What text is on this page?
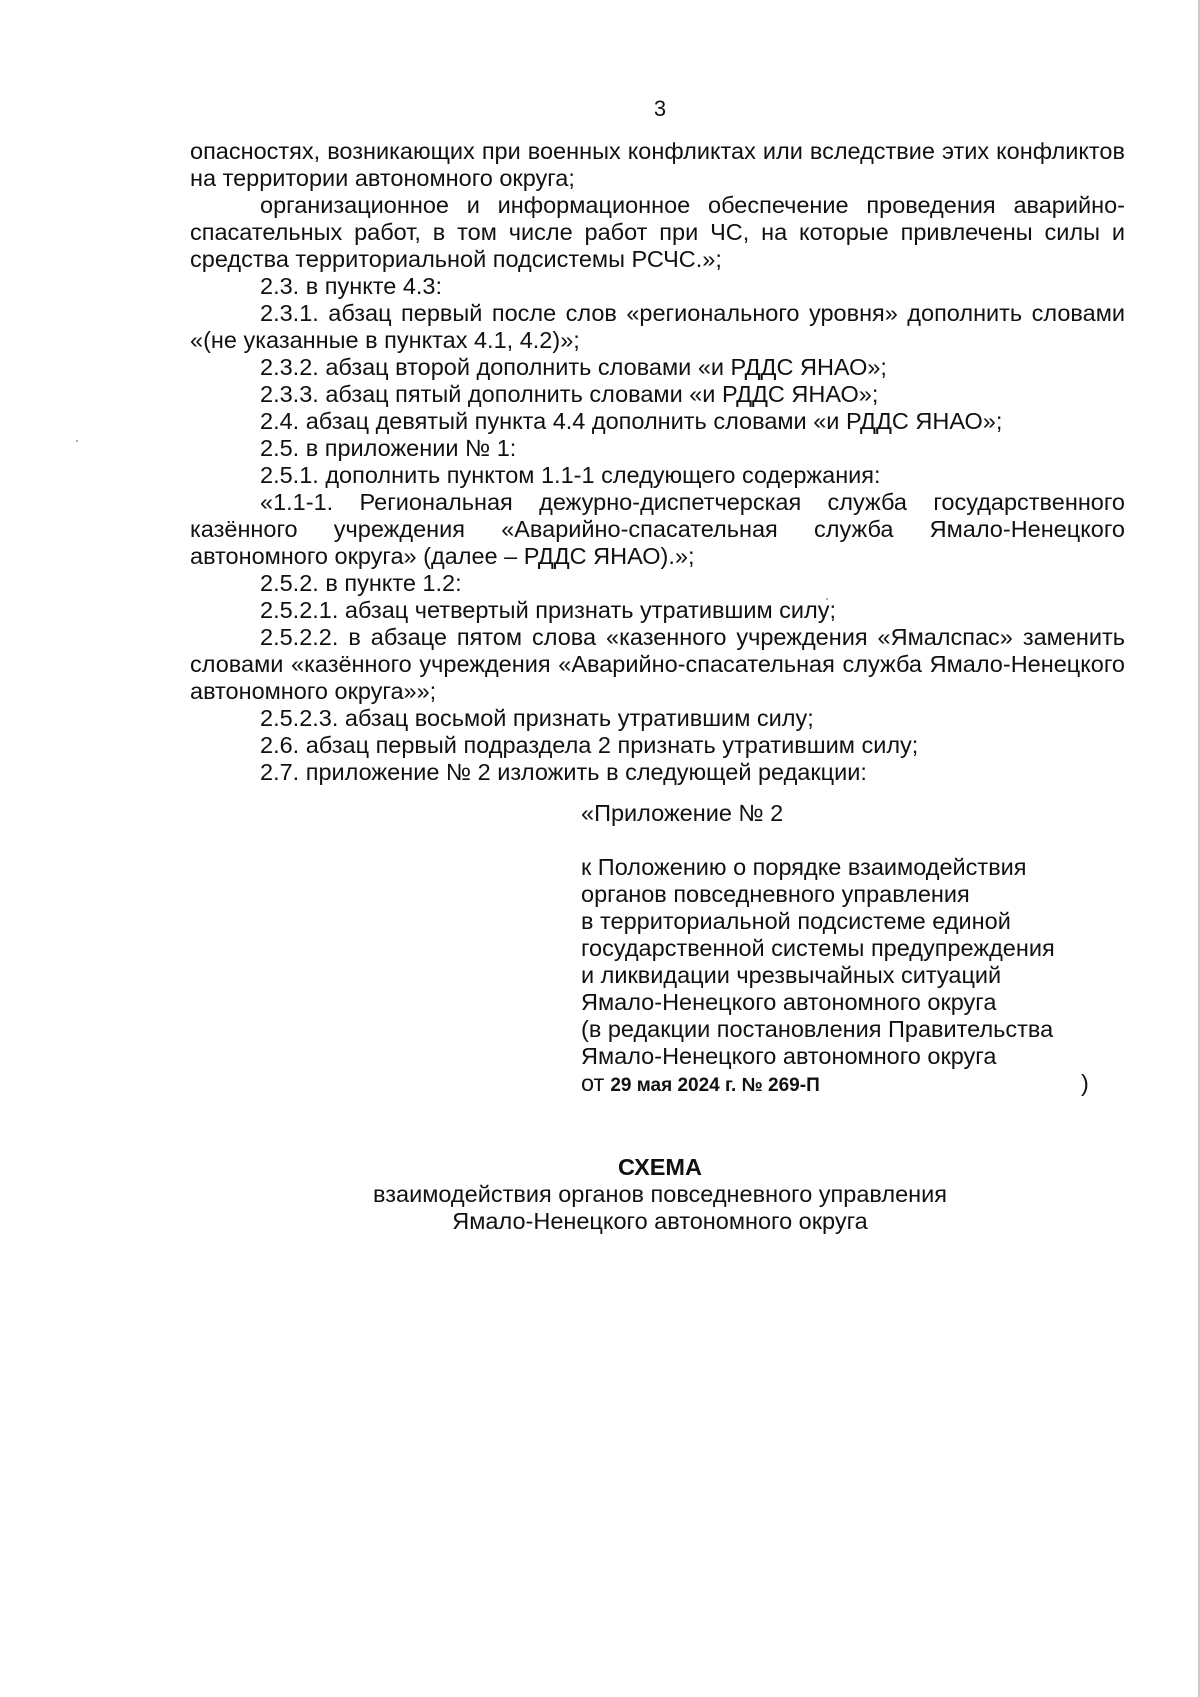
3

опасностях, возникающих при военных конфликтах или вследствие этих конфликтов на территории автономного округа;

организационное и информационное обеспечение проведения аварийно-спасательных работ, в том числе работ при ЧС, на которые привлечены силы и средства территориальной подсистемы РСЧС.»;

2.3. в пункте 4.3:

2.3.1. абзац первый после слов «регионального уровня» дополнить словами «(не указанные в пунктах 4.1, 4.2)»;

2.3.2. абзац второй дополнить словами «и РДДС ЯНАО»;

2.3.3. абзац пятый дополнить словами «и РДДС ЯНАО»;

2.4. абзац девятый пункта 4.4 дополнить словами «и РДДС ЯНАО»;

2.5. в приложении № 1:

2.5.1. дополнить пунктом 1.1-1 следующего содержания:

«1.1-1. Региональная дежурно-диспетчерская служба государственного казённого учреждения «Аварийно-спасательная служба Ямало-Ненецкого автономного округа» (далее – РДДС ЯНАО).»;

2.5.2. в пункте 1.2:

2.5.2.1. абзац четвертый признать утратившим силу;

2.5.2.2. в абзаце пятом слова «казенного учреждения «Ямалспас» заменить словами «казённого учреждения «Аварийно-спасательная служба Ямало-Ненецкого автономного округа»»;

2.5.2.3. абзац восьмой признать утратившим силу;

2.6. абзац первый подраздела 2 признать утратившим силу;

2.7. приложение № 2 изложить в следующей редакции:

«Приложение № 2

к Положению о порядке взаимодействия

органов повседневного управления

в территориальной подсистеме единой

государственной системы предупреждения

и ликвидации чрезвычайных ситуаций

Ямало-Ненецкого автономного округа

(в редакции постановления Правительства

Ямало-Ненецкого автономного округа

от 29 мая 2024 г. № 269-П	)

СХЕМА

взаимодействия органов повседневного управления

Ямало-Ненецкого автономного округа
